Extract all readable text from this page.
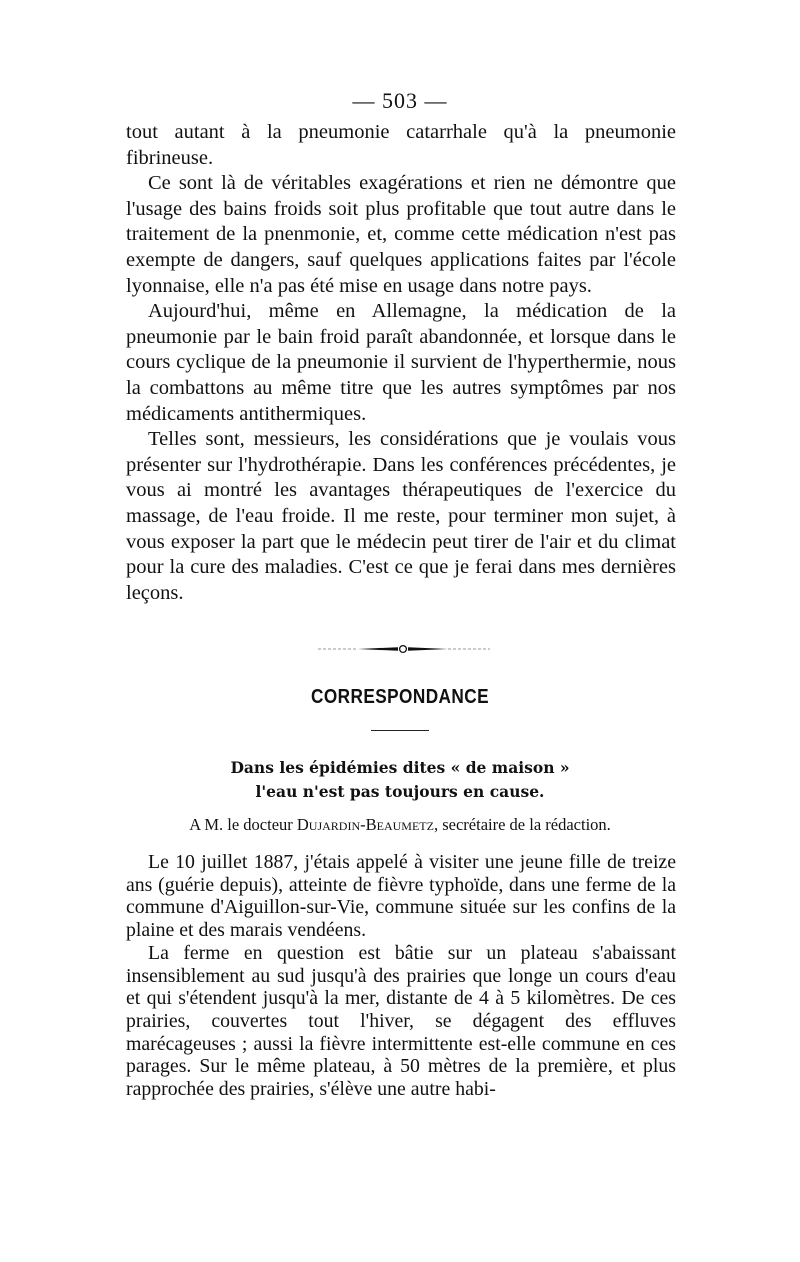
— 503 —

tout autant à la pneumonie catarrhale qu'à la pneumonie fibrineuse.

Ce sont là de véritables exagérations et rien ne démontre que l'usage des bains froids soit plus profitable que tout autre dans le traitement de la pnenmonie, et, comme cette médication n'est pas exempte de dangers, sauf quelques applications faites par l'école lyonnaise, elle n'a pas été mise en usage dans notre pays.

Aujourd'hui, même en Allemagne, la médication de la pneumonie par le bain froid paraît abandonnée, et lorsque dans le cours cyclique de la pneumonie il survient de l'hyperthermie, nous la combattons au même titre que les autres symptômes par nos médicaments antithermiques.

Telles sont, messieurs, les considérations que je voulais vous présenter sur l'hydrothérapie. Dans les conférences précédentes, je vous ai montré les avantages thérapeutiques de l'exercice du massage, de l'eau froide. Il me reste, pour terminer mon sujet, à vous exposer la part que le médecin peut tirer de l'air et du climat pour la cure des maladies. C'est ce que je ferai dans mes dernières leçons.

CORRESPONDANCE
Dans les épidémies dites « de maison »
l'eau n'est pas toujours en cause.
A M. le docteur Dujardin-Beaumetz, secrétaire de la rédaction.

Le 10 juillet 1887, j'étais appelé à visiter une jeune fille de treize ans (guérie depuis), atteinte de fièvre typhoïde, dans une ferme de la commune d'Aiguillon-sur-Vie, commune située sur les confins de la plaine et des marais vendéens.

La ferme en question est bâtie sur un plateau s'abaissant insensiblement au sud jusqu'à des prairies que longe un cours d'eau et qui s'étendent jusqu'à la mer, distante de 4 à 5 kilomètres. De ces prairies, couvertes tout l'hiver, se dégagent des effluves marécageuses ; aussi la fièvre intermittente est-elle commune en ces parages. Sur le même plateau, à 50 mètres de la première, et plus rapprochée des prairies, s'élève une autre habi-
